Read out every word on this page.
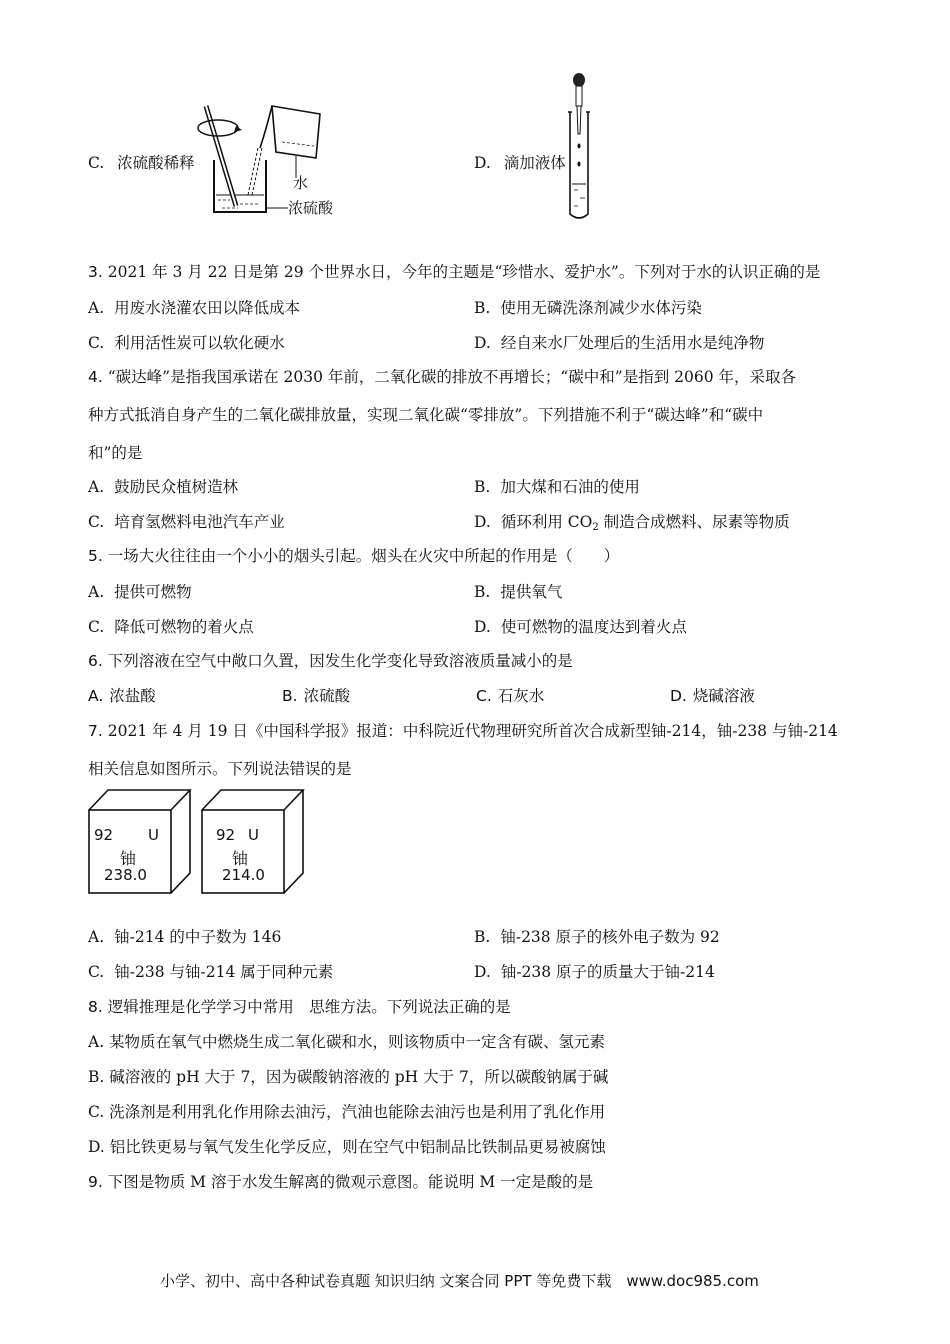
C. 浓硫酸稀释
水
浓硫酸
D. 滴加液体
3. 2021 年 3 月 22 日是第 29 个世界水日，今年的主题是“珍惜水、爱护水”。下列对于水的认识正确的是
A. 用废水浇灌农田以降低成本	B. 使用无磷洗涤剂减少水体污染
C. 利用活性炭可以软化硬水	D. 经自来水厂处理后的生活用水是纯净物
4. “碳达峰”是指我国承诺在 2030 年前，二氧化碳的排放不再增长；“碳中和”是指到 2060 年，采取各
种方式抵消自身产生的二氧化碳排放量，实现二氧化碳“零排放”。下列措施不利于“碳达峰”和“碳中
和”的是
A. 鼓励民众植树造林	B. 加大煤和石油的使用
C. 培育氢燃料电池汽车产业	D. 循环利用 $CO_2$ 制造合成燃料、尿素等物质
5. 一场大火往往由一个小小的烟头引起。烟头在火灾中所起的作用是（　　）
A. 提供可燃物	B. 提供氧气
C. 降低可燃物的着火点	D. 使可燃物的温度达到着火点
6. 下列溶液在空气中敞口久置，因发生化学变化导致溶液质量减小的是
A. 浓盐酸	B. 浓硫酸	C. 石灰水	D. 烧碱溶液
7. 2021 年 4 月 19 日《中国科学报》报道：中科院近代物理研究所首次合成新型铀-214，铀-238 与铀-214
相关信息如图所示。下列说法错误的是
92 U
铀
238.0
92 U
铀
214.0
A. 铀-214 的中子数为 146	B. 铀-238 原子的核外电子数为 92
C. 铀-238 与铀-214 属于同种元素	D. 铀-238 原子的质量大于铀-214
8. 逻辑推理是化学学习中常用　思维方法。下列说法正确的是
A. 某物质在氧气中燃烧生成二氧化碳和水，则该物质中一定含有碳、氢元素
B. 碱溶液的 pH 大于 7，因为碳酸钠溶液的 pH 大于 7，所以碳酸钠属于碱
C. 洗涤剂是利用乳化作用除去油污，汽油也能除去油污也是利用了乳化作用
D. 铝比铁更易与氧气发生化学反应，则在空气中铝制品比铁制品更易被腐蚀
9. 下图是物质 M 溶于水发生解离的微观示意图。能说明 M 一定是酸的是
小学、初中、高中各种试卷真题 知识归纳 文案合同 PPT 等免费下载　www.doc985.com
